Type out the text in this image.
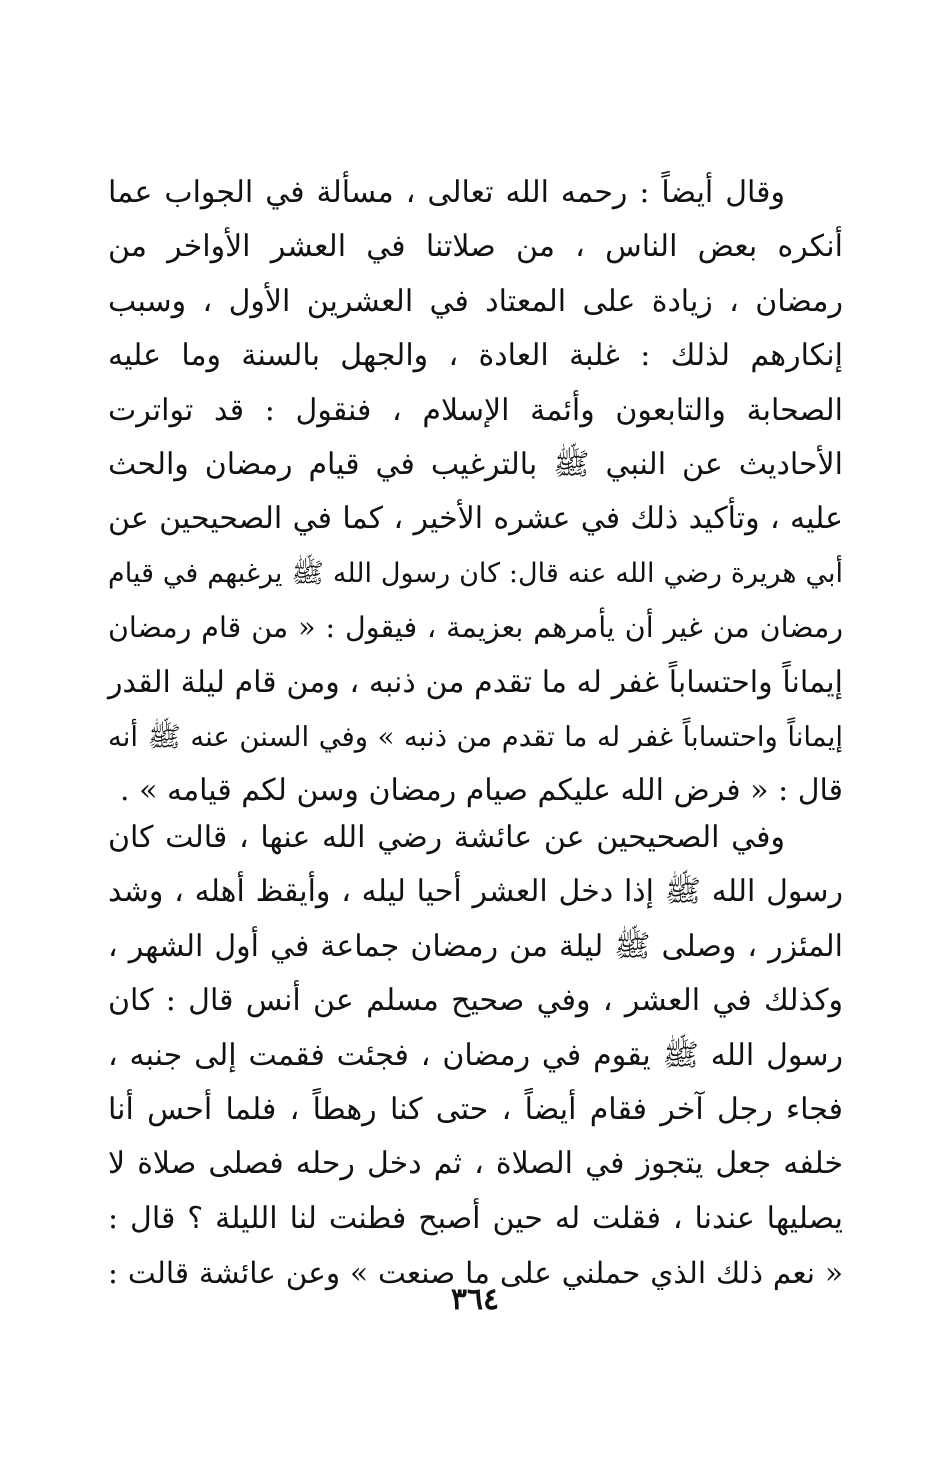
وقال أيضاً : رحمه الله تعالى ، مسألة في الجواب عما
أنكره بعض الناس ، من صلاتنا في العشر الأواخر من
رمضان ، زيادة على المعتاد في العشرين الأول ، وسبب
إنكارهم لذلك : غلبة العادة ، والجهل بالسنة وما عليه
الصحابة والتابعون وأئمة الإسلام ، فنقول : قد تواترت
الأحاديث عن النبي ﷺ بالترغيب في قيام رمضان والحث
عليه ، وتأكيد ذلك في عشره الأخير ، كما في الصحيحين عن
أبي هريرة رضي الله عنه قال: كان رسول الله ﷺ يرغبهم في قيام
رمضان من غير أن يأمرهم بعزيمة ، فيقول : « من قام رمضان
إيماناً واحتساباً غفر له ما تقدم من ذنبه ، ومن قام ليلة القدر
إيماناً واحتساباً غفر له ما تقدم من ذنبه » وفي السنن عنه ﷺ أنه
قال : « فرض الله عليكم صيام رمضان وسن لكم قيامه » .
وفي الصحيحين عن عائشة رضي الله عنها ، قالت كان
رسول الله ﷺ إذا دخل العشر أحيا ليله ، وأيقظ أهله ، وشد
المئزر ، وصلى ﷺ ليلة من رمضان جماعة في أول الشهر ،
وكذلك في العشر ، وفي صحيح مسلم عن أنس قال : كان
رسول الله ﷺ يقوم في رمضان ، فجئت فقمت إلى جنبه ،
فجاء رجل آخر فقام أيضاً ، حتى كنا رهطاً ، فلما أحس أنا
خلفه جعل يتجوز في الصلاة ، ثم دخل رحله فصلى صلاة لا
يصليها عندنا ، فقلت له حين أصبح فطنت لنا الليلة ؟ قال :
« نعم ذلك الذي حملني على ما صنعت » وعن عائشة قالت :
٣٦٤
